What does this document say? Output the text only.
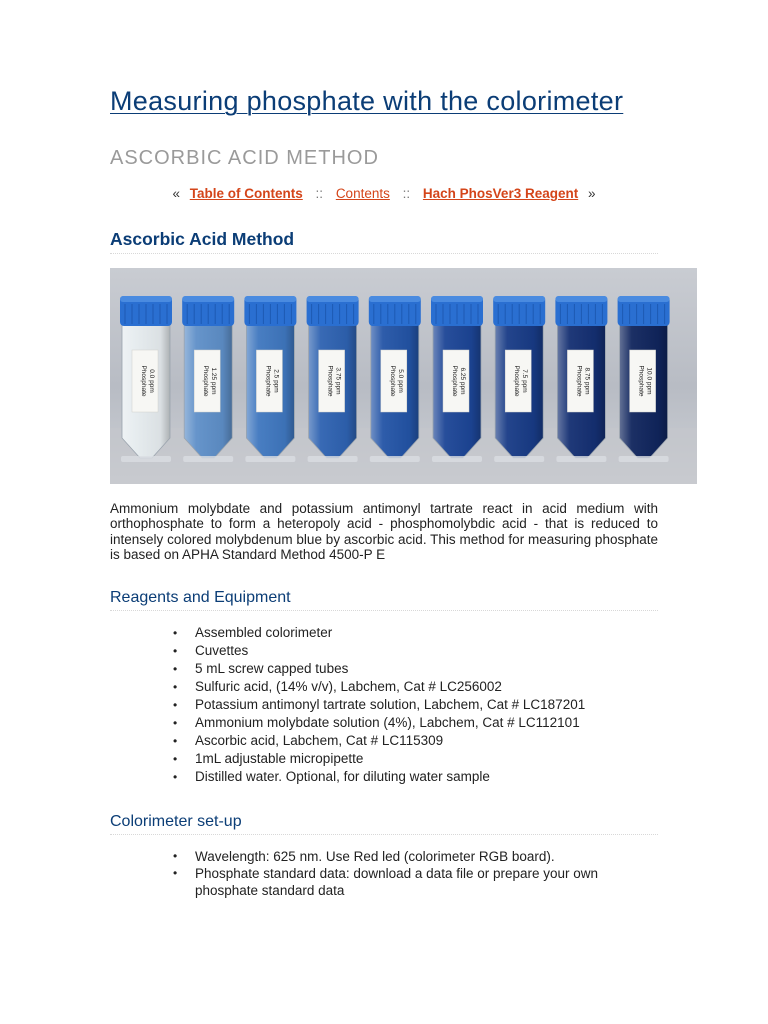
Measuring phosphate with the colorimeter
ASCORBIC ACID METHOD
« Table of Contents :: Contents :: Hach PhosVer3 Reagent »
Ascorbic Acid Method
Phosphate 0.0 ppm	Phosphate 1.25 ppm	Phosphate 2.5 ppm	Phosphate 3.75 ppm	Phosphate 5.0 ppm	Phosphate 6.25 ppm	Phosphate 7.5 ppm	Phosphate 8.75 ppm	Phosphate 10.0 ppm
Ammonium molybdate and potassium antimonyl tartrate react in acid medium with orthophosphate to form a heteropoly acid - phosphomolybdic acid - that is reduced to intensely colored molybdenum blue by ascorbic acid. This method for measuring phosphate is based on APHA Standard Method 4500-P E
Reagents and Equipment
• Assembled colorimeter
• Cuvettes
• 5 mL screw capped tubes
• Sulfuric acid, (14% v/v), Labchem, Cat # LC256002
• Potassium antimonyl tartrate solution, Labchem, Cat # LC187201
• Ammonium molybdate solution (4%), Labchem, Cat # LC112101
• Ascorbic acid, Labchem, Cat # LC115309
• 1mL adjustable micropipette
• Distilled water. Optional, for diluting water sample
Colorimeter set-up
• Wavelength: 625 nm. Use Red led (colorimeter RGB board).
• Phosphate standard data: download a data file or prepare your own phosphate standard data
